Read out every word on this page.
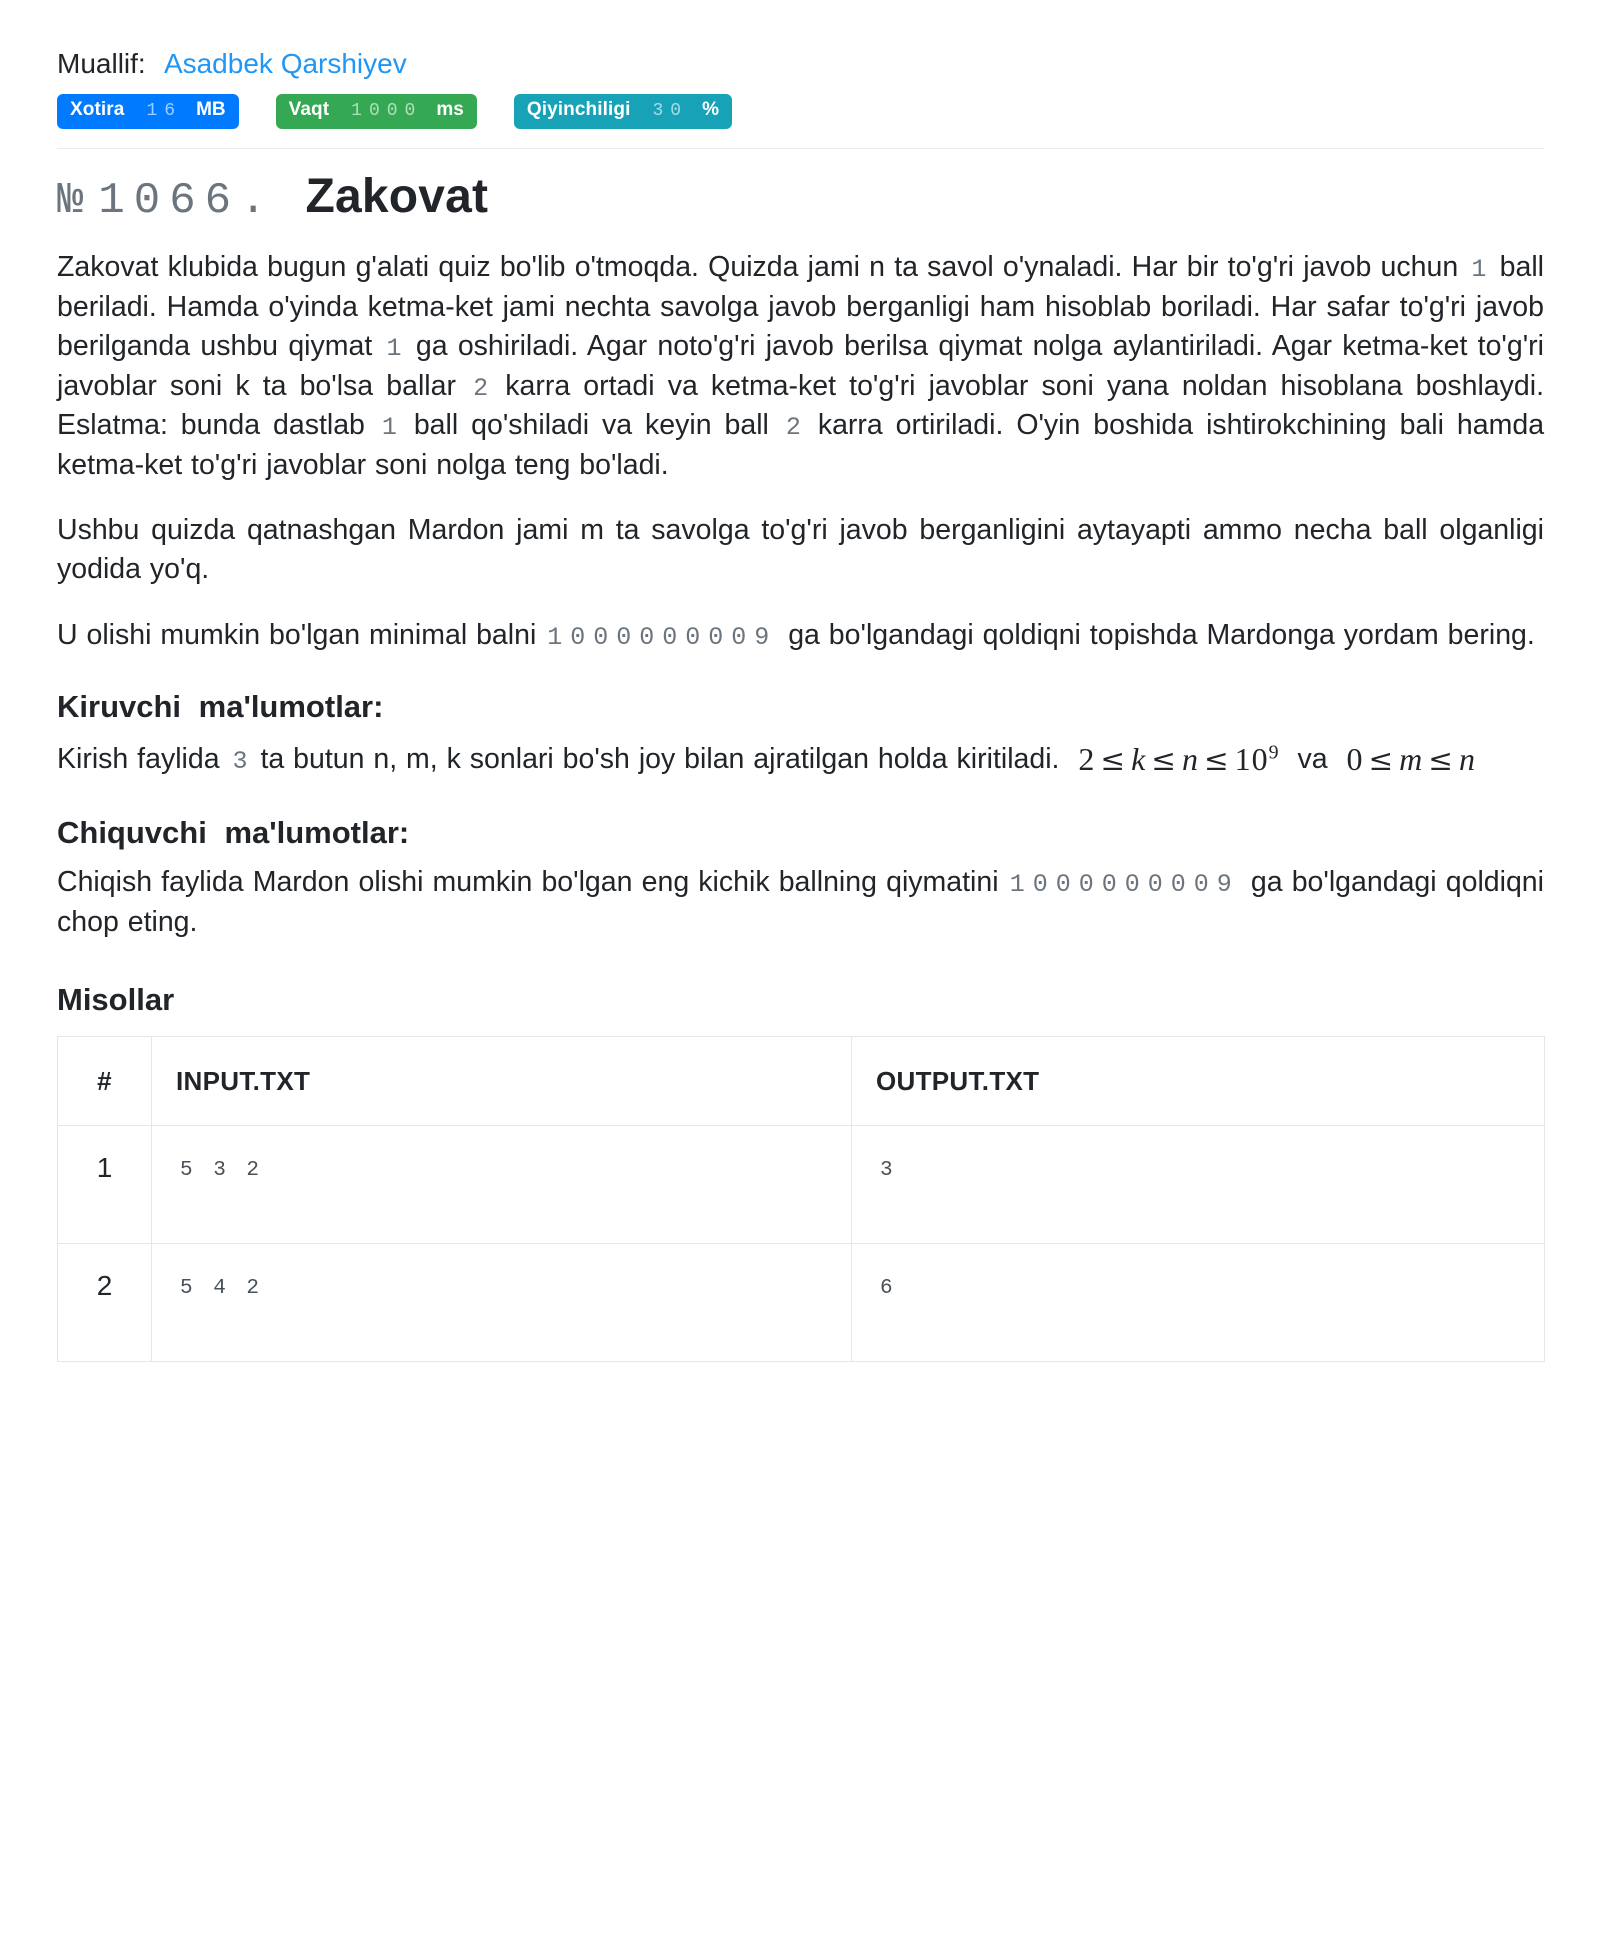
Muallif: Asadbek Qarshiyev
Xotira 16 MB	Vaqt 1000 ms	Qiyinchiligi 30 %
№ 1066. Zakovat

Zakovat klubida bugun g'alati quiz bo'lib o'tmoqda. Quizda jami n ta savol o'ynaladi. Har bir to'g'ri javob uchun 1 ball beriladi. Hamda o'yinda ketma-ket jami nechta savolga javob berganligi ham hisoblab boriladi. Har safar to'g'ri javob berilganda ushbu qiymat 1 ga oshiriladi. Agar noto'g'ri javob berilsa qiymat nolga aylantiriladi. Agar ketma-ket to'g'ri javoblar soni k ta bo'lsa ballar 2 karra ortadi va ketma-ket to'g'ri javoblar soni yana noldan hisoblana boshlaydi. Eslatma: bunda dastlab 1 ball qo'shiladi va keyin ball 2 karra ortiriladi. O'yin boshida ishtirokchining bali hamda ketma-ket to'g'ri javoblar soni nolga teng bo'ladi.

Ushbu quizda qatnashgan Mardon jami m ta savolga to'g'ri javob berganligini aytayapti ammo necha ball olganligi yodida yo'q.

U olishi mumkin bo'lgan minimal balni 1000000009 ga bo'lgandagi qoldiqni topishda Mardonga yordam bering.

Kiruvchi ma'lumotlar:

Kirish faylida 3 ta butun n, m, k sonlari bo'sh joy bilan ajratilgan holda kiritiladi. $2 \le k \le n \le 10^9$ va 0 ≤ m ≤ n

Chiquvchi ma'lumotlar:

Chiqish faylida Mardon olishi mumkin bo'lgan eng kichik ballning qiymatini 1000000009 ga bo'lgandagi qoldiqni chop eting.

Misollar
#	INPUT.TXT	OUTPUT.TXT
1	5 3 2	3

2	5 4 2	6
